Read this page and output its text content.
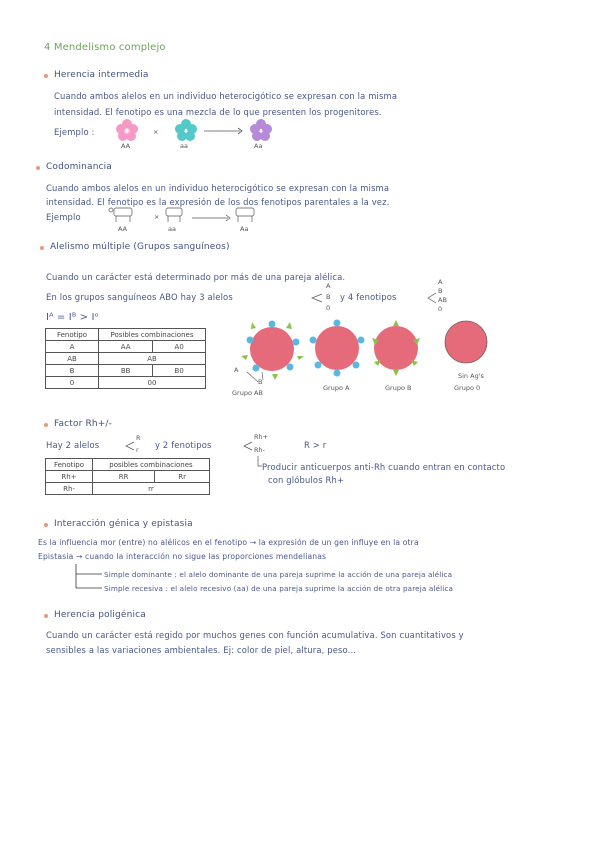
4 Mendelismo complejo
Herencia intermedia
Cuando ambos alelos en un individuo heterocigótico se expresan con la misma
intensidad. El fenotipo es una mezcla de lo que presenten los progenitores.
Ejemplo :
Codominancia
Cuando ambos alelos en un individuo heterocigótico se expresan con la misma
intensidad. El fenotipo es la expresión de los dos fenotipos parentales a la vez.
Ejemplo
Alelismo múltiple (Grupos sanguíneos)
Cuando un carácter está determinado por más de una pareja alélica.
En los grupos sanguíneos ABO hay 3 alelos	y 4 fenotipos
Iᴬ = Iᴮ > Iᵒ
Fenotipo	Posibles combinaciones	
A	AA	A0
AB	AB	
B	BB	B0
0	00	
Factor Rh+/-
Hay 2 alelos	y 2 fenotipos	R > r
Producir anticuerpos anti-Rh cuando entran en contacto
con glóbulos Rh+
Fenotipo	posibles combinaciones	
Rh+	RR	Rr
Rh-	rr	
Interacción génica y epistasia
Es la influencia mor (entre) no alélicos en el fenotipo → la expresión de un gen influye en la otra
Epistasia → cuando la interacción no sigue las proporciones mendelianas
Simple dominante : el alelo dominante de una pareja suprime la acción de una pareja alélica
Simple recesiva : el alelo recesivo (aa) de una pareja suprime la acción de otra pareja alélica
Herencia poligénica
Cuando un carácter está regido por muchos genes con función acumulativa. Son cuantitativos y
sensibles a las variaciones ambientales. Ej: color de piel, altura, peso...
×
AA	aa	Aa
×
AA	aa	Aa
A
B
0
A
B
AB
0
A
B
Grupo AB
Grupo A	Grupo B
Sin Ag's
Grupo 0
R
r
Rh+
Rh-
